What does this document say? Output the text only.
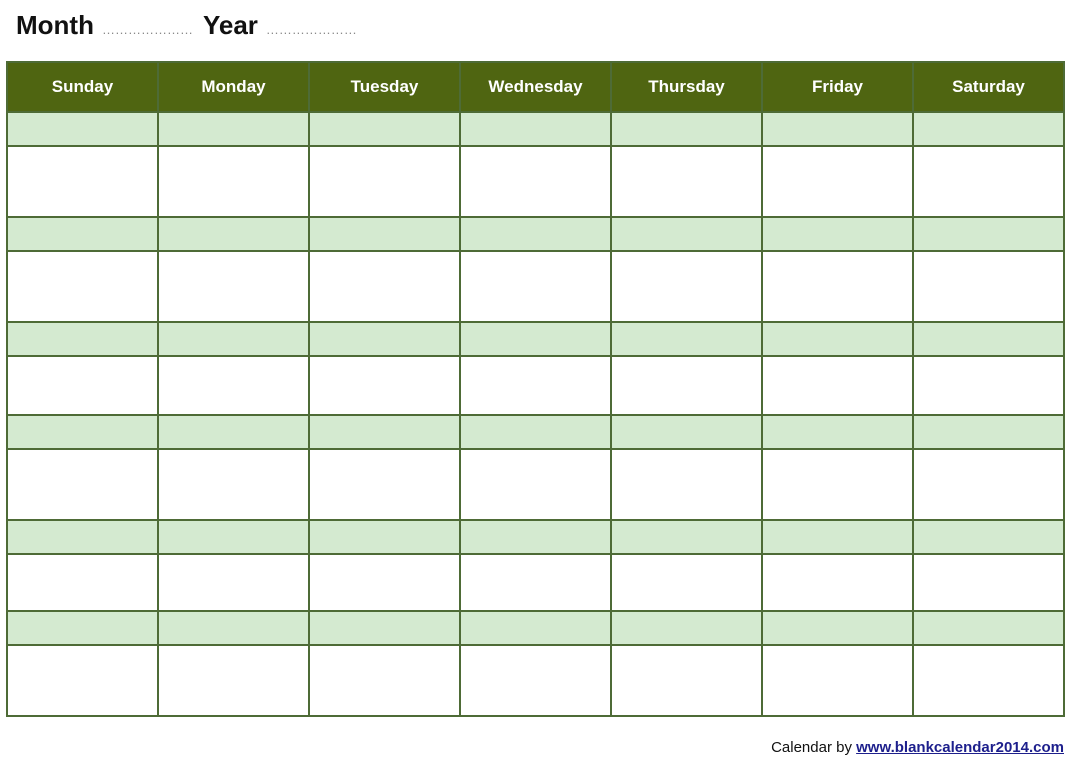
Month ………………… Year …………………
Sunday	Monday	Tuesday	Wednesday	Thursday	Friday	Saturday

Calendar by www.blankcalendar2014.com
